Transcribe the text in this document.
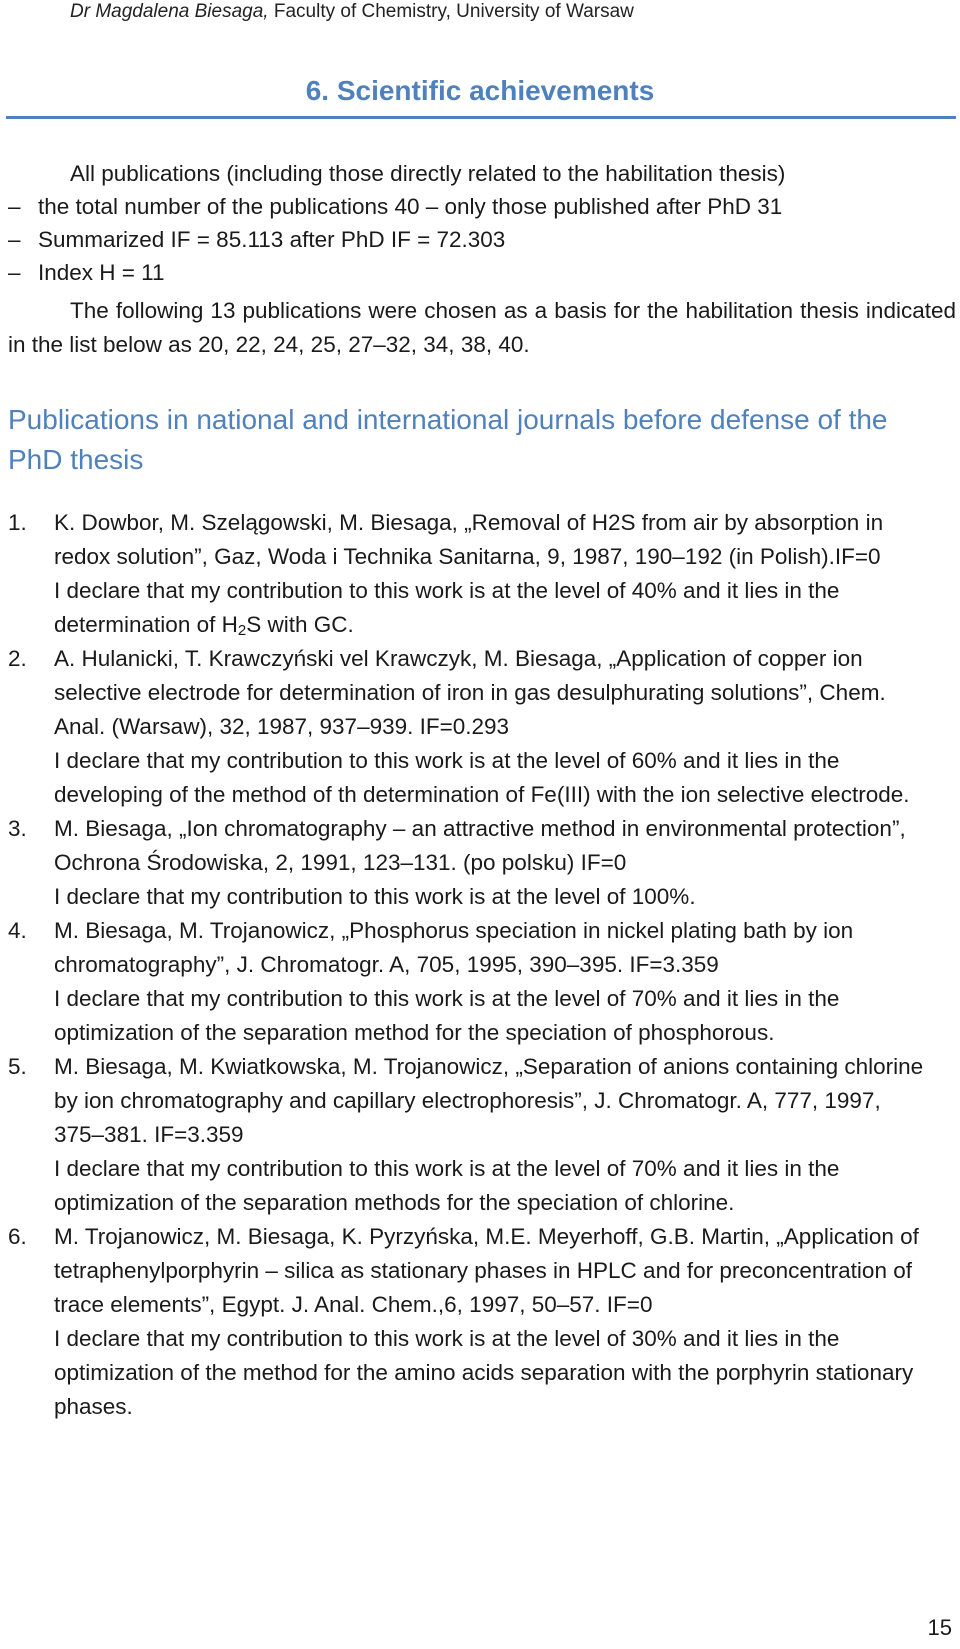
Dr Magdalena Biesaga, Faculty of Chemistry, University of Warsaw
6. Scientific achievements
All publications (including those directly related to the habilitation thesis)
– the total number of the publications 40 – only those published after PhD 31
– Summarized IF = 85.113 after PhD IF = 72.303
– Index H = 11
The following 13 publications were chosen as a basis for the habilitation thesis indicated in the list below as 20, 22, 24, 25, 27–32, 34, 38, 40.
Publications in national and international journals before defense of the PhD thesis
1. K. Dowbor, M. Szelągowski, M. Biesaga, „Removal of H2S from air by absorption in redox solution”, Gaz, Woda i Technika Sanitarna, 9, 1987, 190–192 (in Polish).IF=0

I declare that my contribution to this work is at the level of 40% and it lies in the determination of $H_2S$ with GC.

2. A. Hulanicki, T. Krawczyński vel Krawczyk, M. Biesaga, „Application of copper ion selective electrode for determination of iron in gas desulphurating solutions”, Chem. Anal. (Warsaw), 32, 1987, 937–939. IF=0.293

I declare that my contribution to this work is at the level of 60% and it lies in the developing of the method of th determination of Fe(III) with the ion selective electrode.

3. M. Biesaga, „Ion chromatography – an attractive method in environmental protection”, Ochrona Środowiska, 2, 1991, 123–131. (po polsku) IF=0

I declare that my contribution to this work is at the level of 100%.

4. M. Biesaga, M. Trojanowicz, „Phosphorus speciation in nickel plating bath by ion chromatography”, J. Chromatogr. A, 705, 1995, 390–395. IF=3.359

I declare that my contribution to this work is at the level of 70% and it lies in the optimization of the separation method for the speciation of phosphorous.

5. M. Biesaga, M. Kwiatkowska, M. Trojanowicz, „Separation of anions containing chlorine by ion chromatography and capillary electrophoresis”, J. Chromatogr. A, 777, 1997, 375–381. IF=3.359

I declare that my contribution to this work is at the level of 70% and it lies in the optimization of the separation methods for the speciation of chlorine.

6. M. Trojanowicz, M. Biesaga, K. Pyrzyńska, M.E. Meyerhoff, G.B. Martin, „Application of tetraphenylporphyrin – silica as stationary phases in HPLC and for preconcentration of trace elements”, Egypt. J. Anal. Chem.,6, 1997, 50–57. IF=0

I declare that my contribution to this work is at the level of 30% and it lies in the optimization of the method for the amino acids separation with the porphyrin stationary phases.

15
